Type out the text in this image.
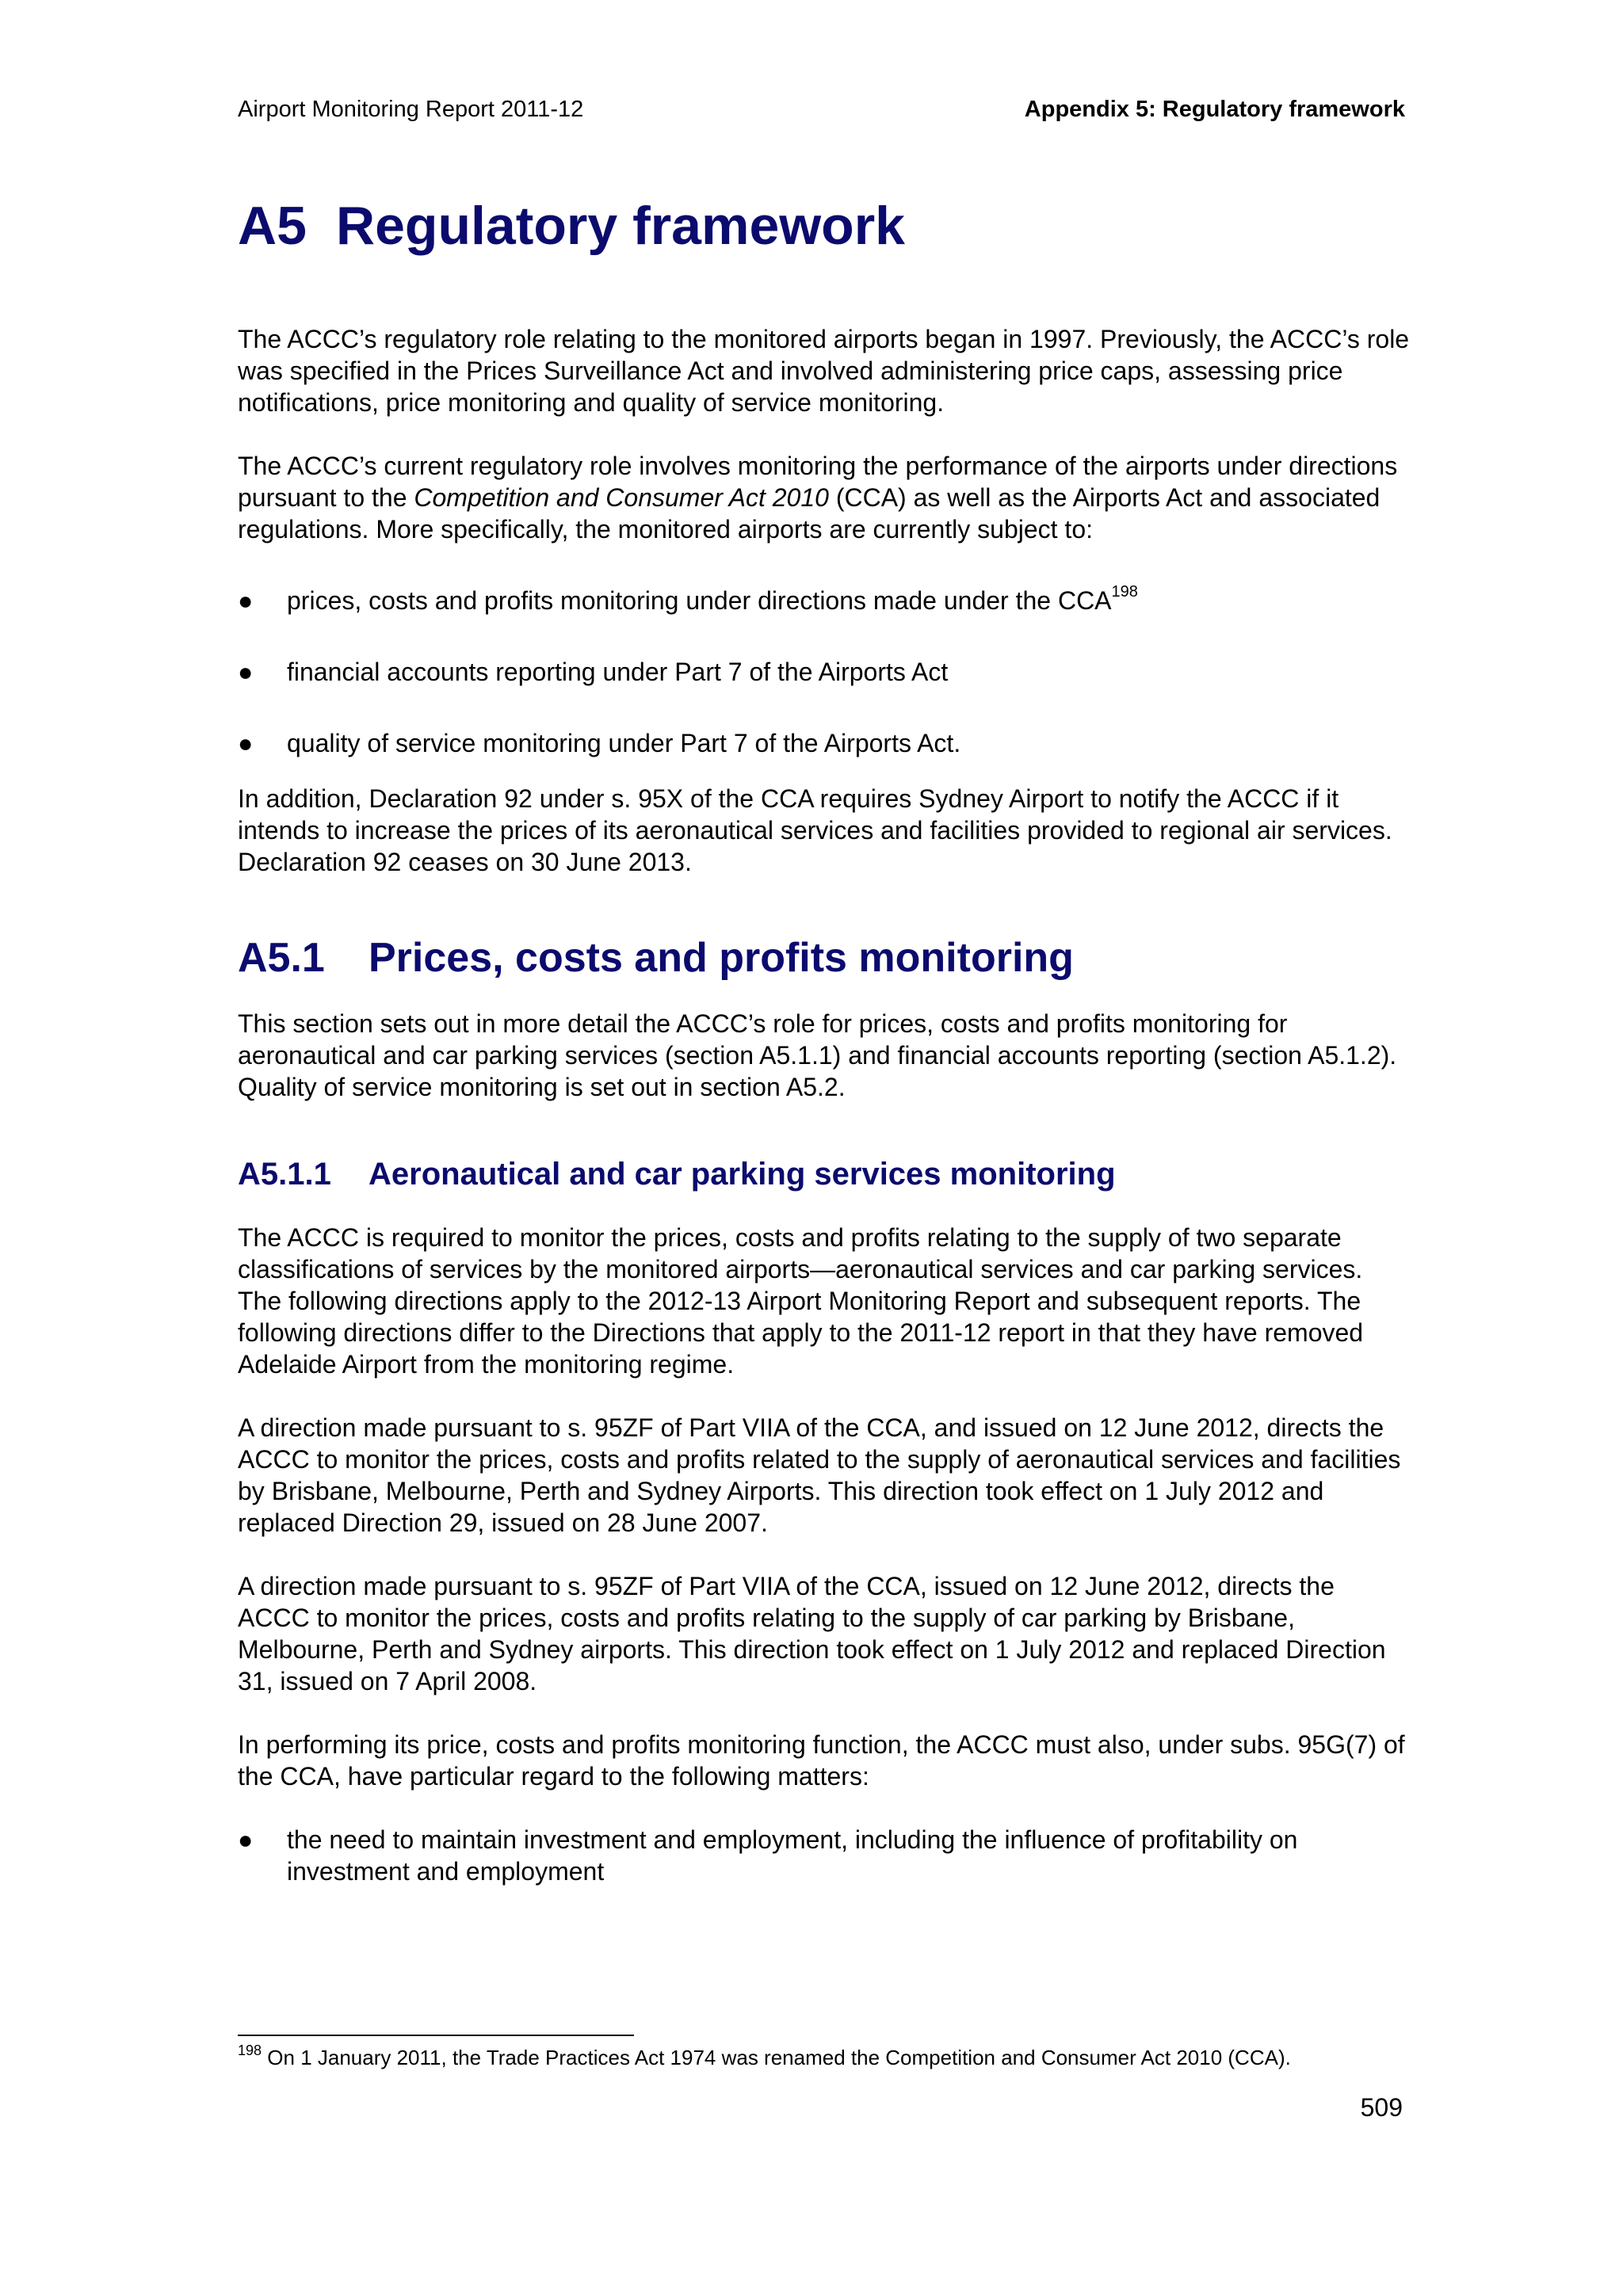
Airport Monitoring Report 2011-12	Appendix 5: Regulatory framework
A5 Regulatory framework

The ACCC’s regulatory role relating to the monitored airports began in 1997. Previously, the ACCC’s role was specified in the Prices Surveillance Act and involved administering price caps, assessing price notifications, price monitoring and quality of service monitoring.

The ACCC’s current regulatory role involves monitoring the performance of the airports under directions pursuant to the Competition and Consumer Act 2010 (CCA) as well as the Airports Act and associated regulations. More specifically, the monitored airports are currently subject to:

● prices, costs and profits monitoring under directions made under the CCA$^{198}$
● financial accounts reporting under Part 7 of the Airports Act
● quality of service monitoring under Part 7 of the Airports Act.

In addition, Declaration 92 under s. 95X of the CCA requires Sydney Airport to notify the ACCC if it intends to increase the prices of its aeronautical services and facilities provided to regional air services. Declaration 92 ceases on 30 June 2013.

A5.1 Prices, costs and profits monitoring

This section sets out in more detail the ACCC’s role for prices, costs and profits monitoring for aeronautical and car parking services (section A5.1.1) and financial accounts reporting (section A5.1.2). Quality of service monitoring is set out in section A5.2.

A5.1.1 Aeronautical and car parking services monitoring

The ACCC is required to monitor the prices, costs and profits relating to the supply of two separate classifications of services by the monitored airports—aeronautical services and car parking services. The following directions apply to the 2012-13 Airport Monitoring Report and subsequent reports. The following directions differ to the Directions that apply to the 2011-12 report in that they have removed Adelaide Airport from the monitoring regime.

A direction made pursuant to s. 95ZF of Part VIIA of the CCA, and issued on 12 June 2012, directs the ACCC to monitor the prices, costs and profits related to the supply of aeronautical services and facilities by Brisbane, Melbourne, Perth and Sydney Airports. This direction took effect on 1 July 2012 and replaced Direction 29, issued on 28 June 2007.

A direction made pursuant to s. 95ZF of Part VIIA of the CCA, issued on 12 June 2012, directs the ACCC to monitor the prices, costs and profits relating to the supply of car parking by Brisbane, Melbourne, Perth and Sydney airports. This direction took effect on 1 July 2012 and replaced Direction 31, issued on 7 April 2008.

In performing its price, costs and profits monitoring function, the ACCC must also, under subs. 95G(7) of the CCA, have particular regard to the following matters:

● the need to maintain investment and employment, including the influence of profitability on investment and employment
$^{198}$ On 1 January 2011, the Trade Practices Act 1974 was renamed the Competition and Consumer Act 2010 (CCA).
509
